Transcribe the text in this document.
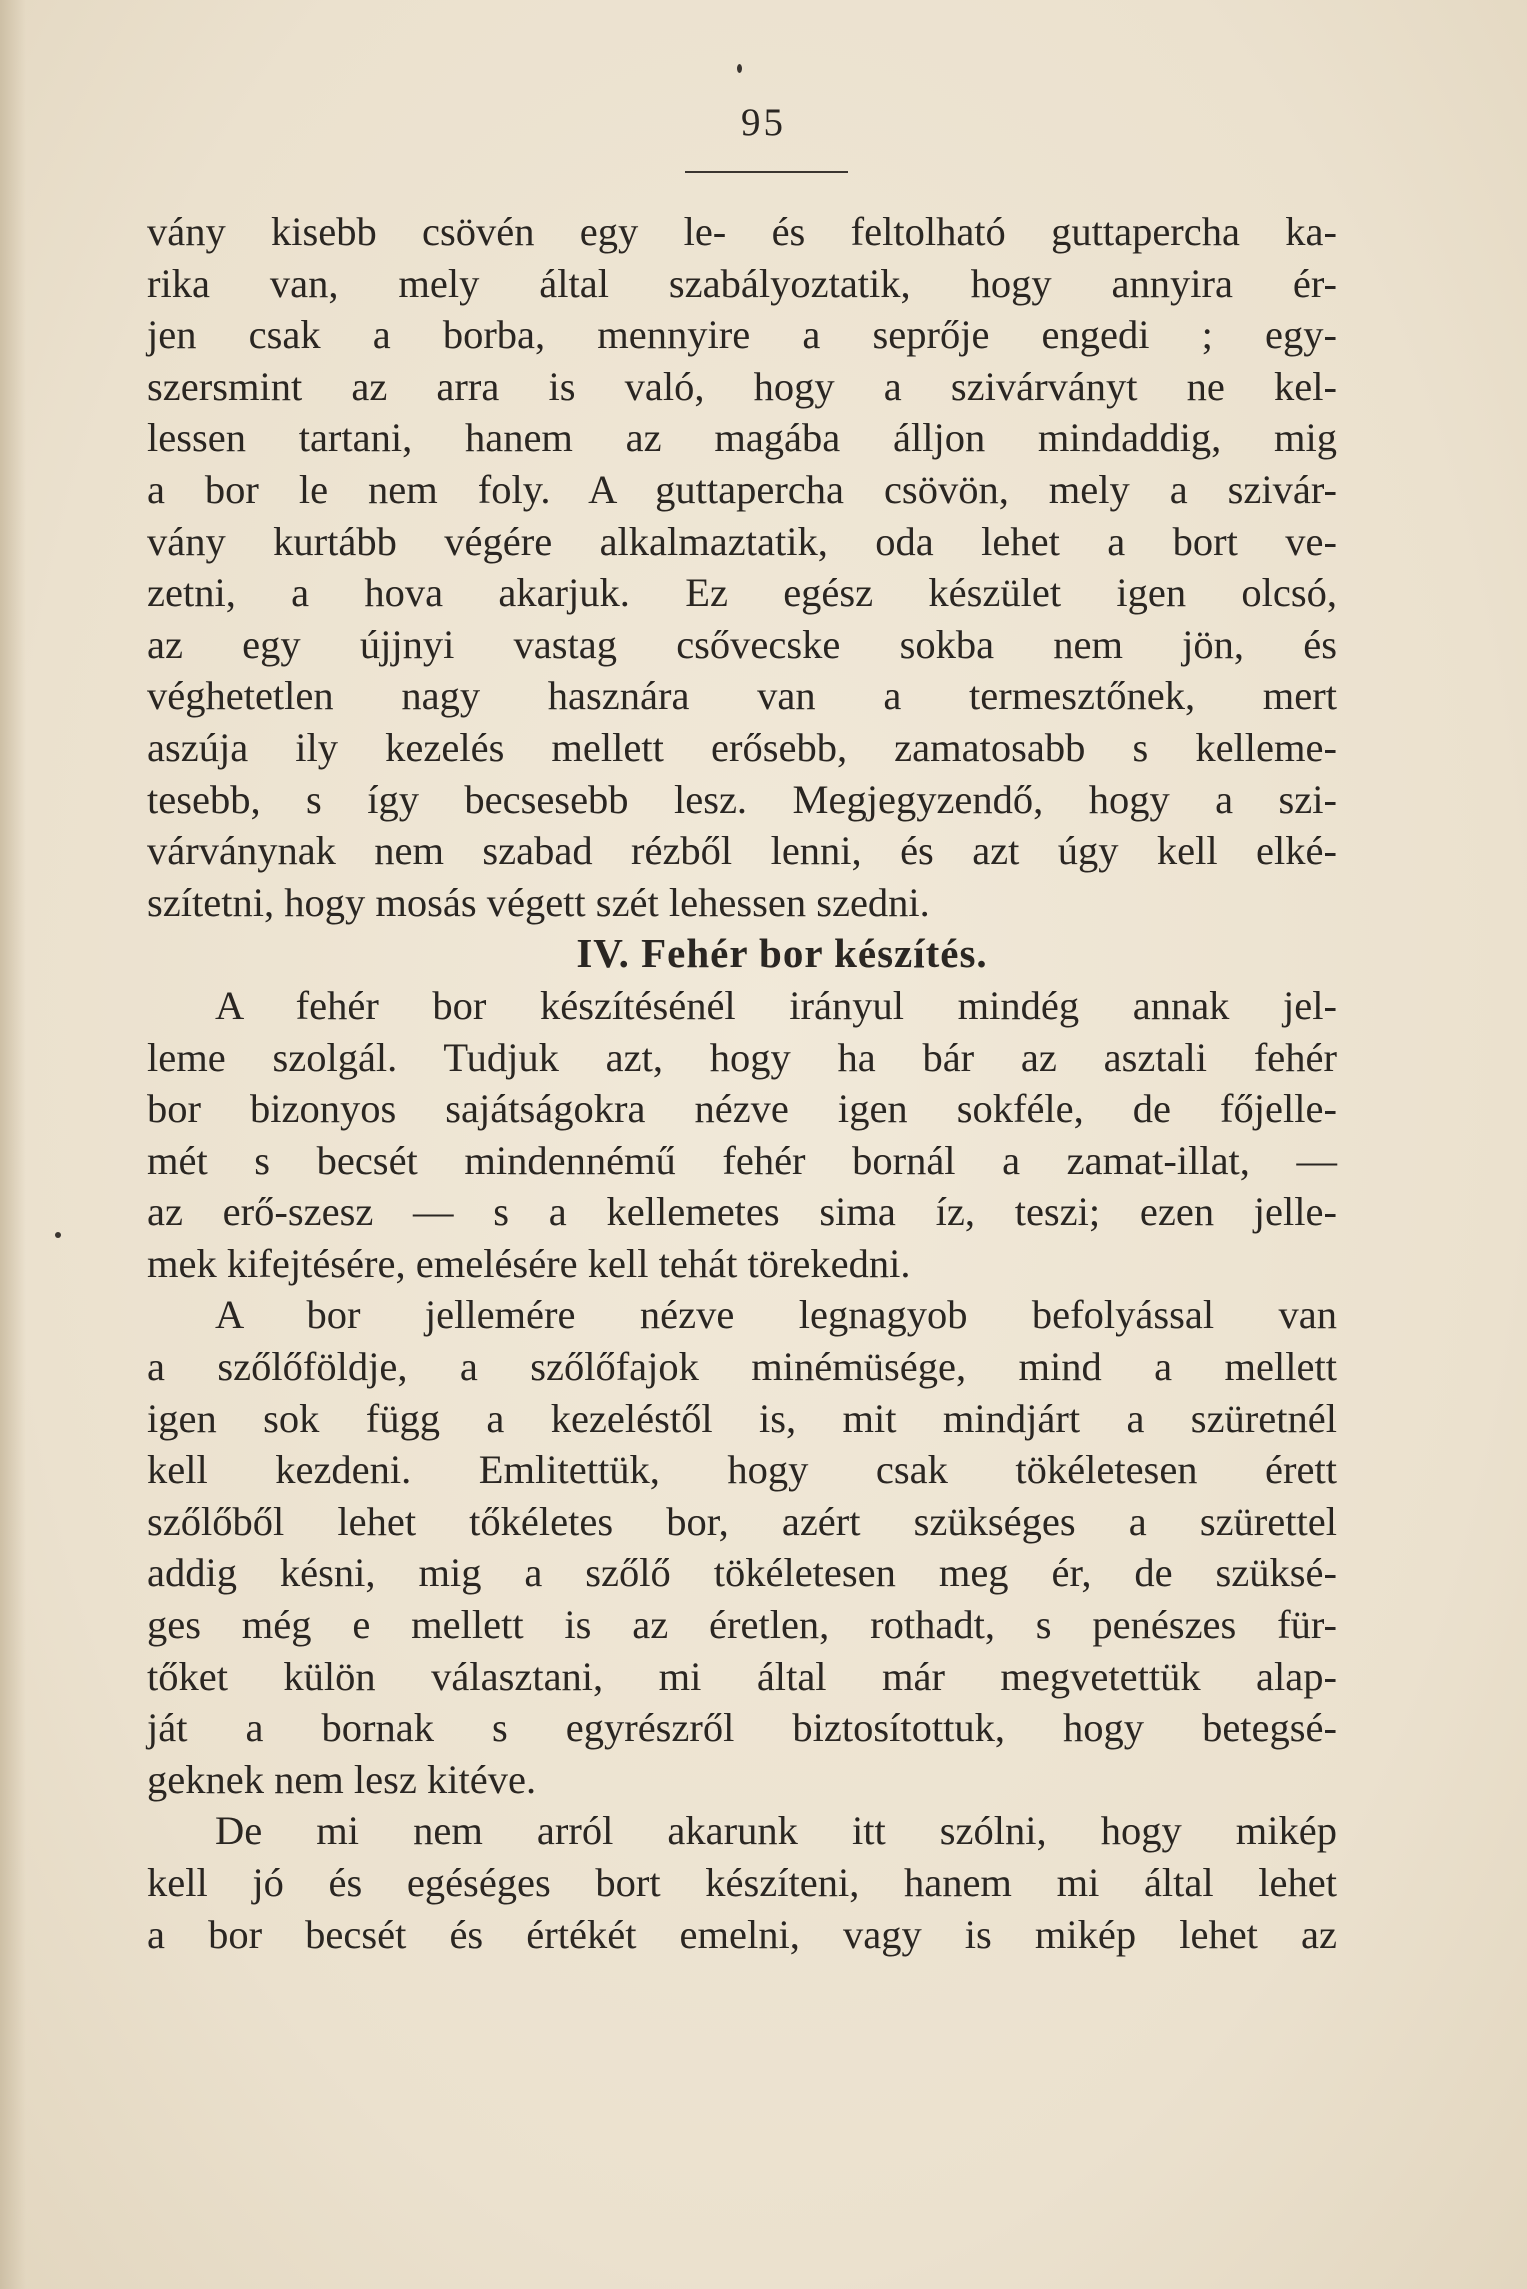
95
vány kisebb csövén egy le- és feltolható guttapercha ka-
rika van, mely által szabályoztatik, hogy annyira ér-
jen csak a borba, mennyire a seprője engedi ; egy-
szersmint az arra is való, hogy a szivárványt ne kel-
lessen tartani, hanem az magába álljon mindaddig, mig
a bor le nem foly. A guttapercha csövön, mely a szivár-
vány kurtább végére alkalmaztatik, oda lehet a bort ve-
zetni, a hova akarjuk. Ez egész készület igen olcsó,
az egy újjnyi vastag csővecske sokba nem jön, és
véghetetlen nagy hasznára van a termesztőnek, mert
aszúja ily kezelés mellett erősebb, zamatosabb s kelleme-
tesebb, s így becsesebb lesz. Megjegyzendő, hogy a szi-
várványnak nem szabad rézből lenni, és azt úgy kell elké-
szítetni, hogy mosás végett szét lehessen szedni.
IV. Fehér bor készítés.
A fehér bor készítésénél irányul mindég annak jel-
leme szolgál. Tudjuk azt, hogy ha bár az asztali fehér
bor bizonyos sajátságokra nézve igen sokféle, de főjelle-
mét s becsét mindennémű fehér bornál a zamat-illat, —
az erő-szesz — s a kellemetes sima íz, teszi; ezen jelle-
mek kifejtésére, emelésére kell tehát törekedni.
A bor jellemére nézve legnagyob befolyással van
a szőlőföldje, a szőlőfajok minémüsége, mind a mellett
igen sok függ a kezeléstől is, mit mindjárt a szüretnél
kell kezdeni. Emlitettük, hogy csak tökéletesen érett
szőlőből lehet tőkéletes bor, azért szükséges a szürettel
addig késni, mig a szőlő tökéletesen meg ér, de szüksé-
ges még e mellett is az éretlen, rothadt, s penészes für-
tőket külön választani, mi által már megvetettük alap-
ját a bornak s egyrészről biztosítottuk, hogy betegsé-
geknek nem lesz kitéve.
De mi nem arról akarunk itt szólni, hogy mikép
kell jó és egéséges bort készíteni, hanem mi által lehet
a bor becsét és értékét emelni, vagy is mikép lehet az
